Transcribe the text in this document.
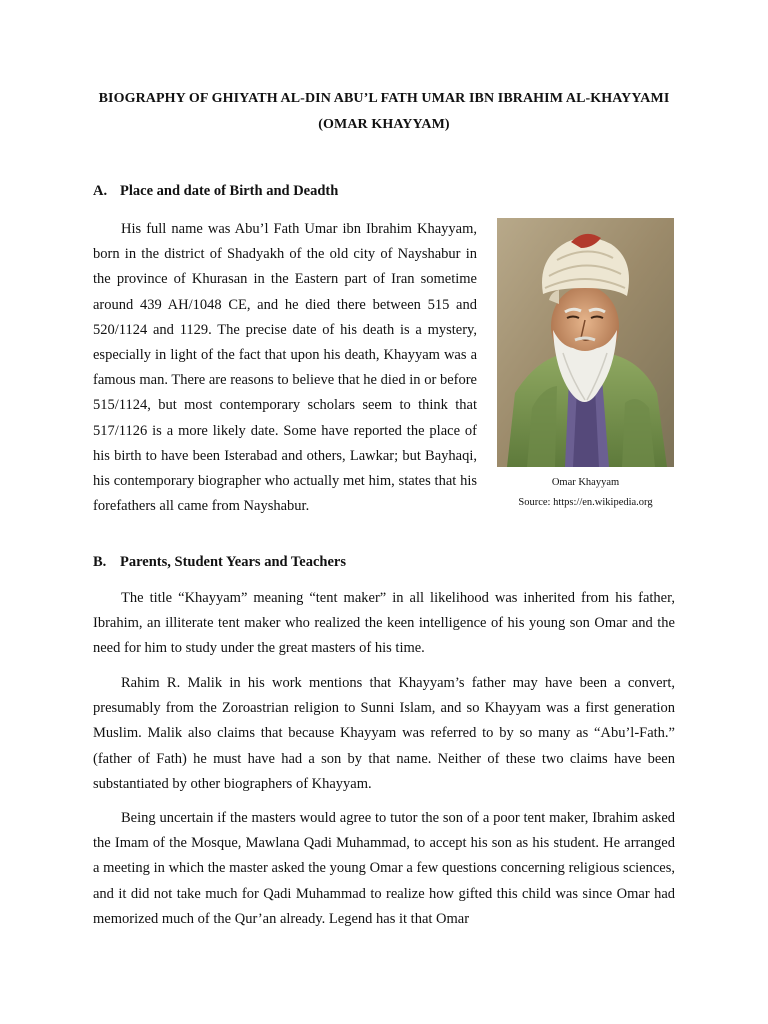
BIOGRAPHY OF GHIYATH AL-DIN ABU’L FATH UMAR IBN IBRAHIM AL-KHAYYAMI (OMAR KHAYYAM)
A. Place and date of Birth and Deadth

His full name was Abu’l Fath Umar ibn Ibrahim Khayyam, born in the district of Shadyakh of the old city of Nayshabur in the province of Khurasan in the Eastern part of Iran sometime around 439 AH/1048 CE, and he died there between 515 and 520/1124 and 1129. The precise date of his death is a mystery, especially in light of the fact that upon his death, Khayyam was a famous man. There are reasons to believe that he died in or before 515/1124, but most contemporary scholars seem to think that 517/1126 is a more likely date. Some have reported the place of his birth to have been Isterabad and others, Lawkar; but Bayhaqi, his contemporary biographer who actually met him, states that his forefathers all came from Nayshabur.

Omar Khayyam
Source: https://en.wikipedia.org
B. Parents, Student Years and Teachers

The title “Khayyam” meaning “tent maker” in all likelihood was inherited from his father, Ibrahim, an illiterate tent maker who realized the keen intelligence of his young son Omar and the need for him to study under the great masters of his time.

Rahim R. Malik in his work mentions that Khayyam’s father may have been a convert, presumably from the Zoroastrian religion to Sunni Islam, and so Khayyam was a first generation Muslim. Malik also claims that because Khayyam was referred to by so many as “Abu’l-Fath.” (father of Fath) he must have had a son by that name. Neither of these two claims have been substantiated by other biographers of Khayyam.

Being uncertain if the masters would agree to tutor the son of a poor tent maker, Ibrahim asked the Imam of the Mosque, Mawlana Qadi Muhammad, to accept his son as his student. He arranged a meeting in which the master asked the young Omar a few questions concerning religious sciences, and it did not take much for Qadi Muhammad to realize how gifted this child was since Omar had memorized much of the Qur’an already. Legend has it that Omar
